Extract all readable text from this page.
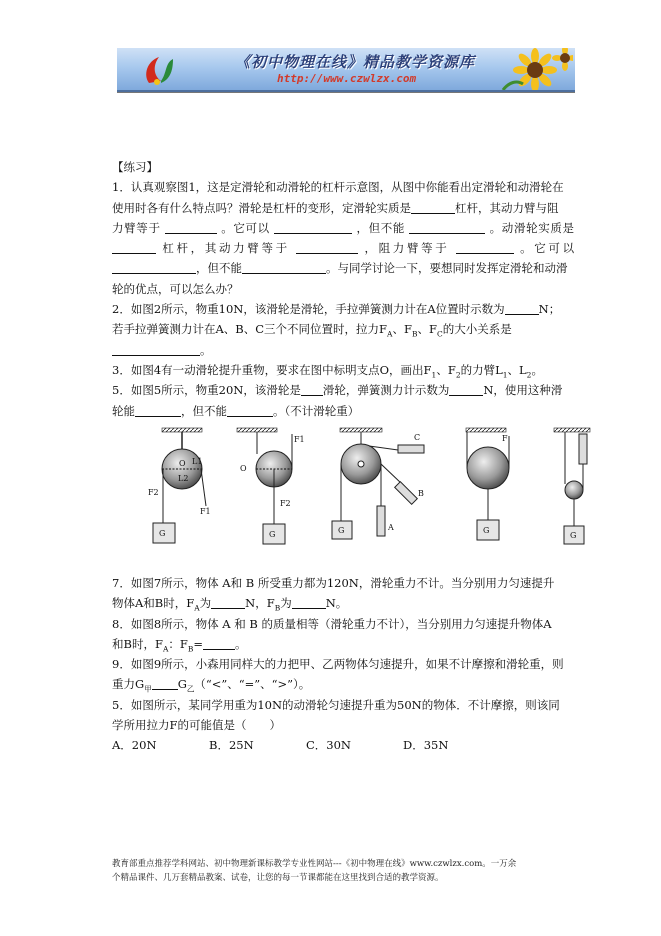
《初中物理在线》精品教学资源库
http://www.czwlzx.com
【练习】
1．认真观察图1，这是定滑轮和动滑轮的杠杆示意图，从图中你能看出定滑轮和动滑轮在
使用时各有什么特点吗？滑轮是杠杆的变形，定滑轮实质是	杠杆，其动力臂与阻
力臂等于	。它可以	，但不能	。动滑轮实质是
杠杆，其动力臂等于	，阻力臂等于	。它可以
，但不能	。与同学讨论一下，要想同时发挥定滑轮和动滑
轮的优点，可以怎么办？
2．如图2所示，物重10N，该滑轮是滑轮，手拉弹簧测力计在A位置时示数为	N；
若手拉弹簧测力计在A、B、C三个不同位置时，拉力$F_A$、$F_B$、$F_C$的大小关系是
。
3．如图4有一动滑轮提升重物，要求在图中标明支点O，画出$F_1$、$F_2$的力臂$L_1$、$L_2$。
5．如图5所示，物重20N，该滑轮是 滑轮，弹簧测力计示数为	N，使用这种滑
轮能	，但不能	。（不计滑轮重）
G
O L1
L2
F2
F1
G
O
F1
F2
G	A
B
C	F
G
G
7．如图7所示，物体 A和 B 所受重力都为120N，滑轮重力不计。当分别用力匀速提升
物体A和B时，$F_A$为	N，$F_B$为	N。
8．如图8所示，物体 A 和 B 的质量相等（滑轮重力不计），当分别用力匀速提升物体A
和B时，$F_A$：$F_B=$	。
9．如图9所示，小森用同样大的力把甲、乙两物体匀速提升，如果不计摩擦和滑轮重，则
重力$G_甲$ $G_乙(“<$”、“=”、“>”）。
5．如图所示，某同学用重为10N的动滑轮匀速提升重为50N的物体．不计摩擦，则该同
学所用拉力F的可能值是（　　）
A．20N	B．25N	C．30N	D．35N
教育部重点推荐学科网站、初中物理新课标教学专业性网站---《初中物理在线》www.czwlzx.com。一万余
个精品课件、几万套精品教案、试卷，让您的每一节课都能在这里找到合适的教学资源。
